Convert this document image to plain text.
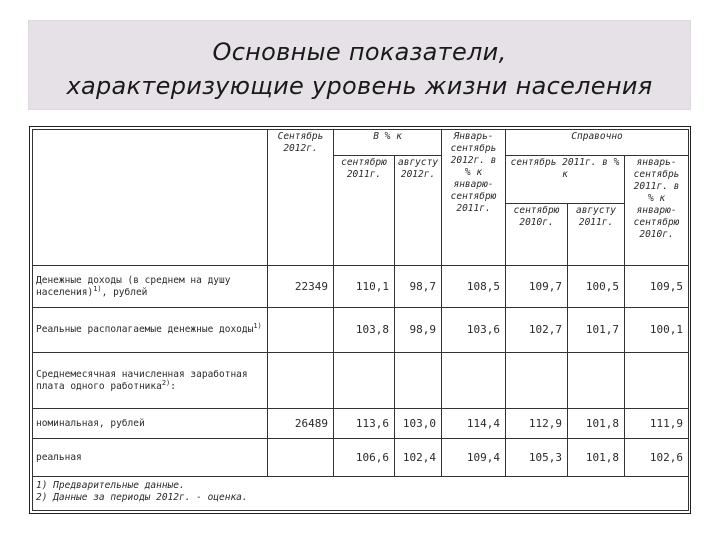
Основные показатели,
характеризующие уровень жизни населения
	Сентябрь 2012г.	В % к		Январь-сентябрь 2012г. в % к январю-сентябрю 2011г.	Справочно		
		сентябрю 2011г.	августу 2012г.		сентябрь 2011г. в % к		январь-сентябрь 2011г. в % к январю-сентябрю 2010г.
					сентябрю 2010г.	августу 2011г.	
Денежные доходы (в среднем на душу населения)$^{1)}$, рублей	22349	110,1	98,7	108,5	109,7	100,5	109,5
Реальные располагаемые денежные доходы$^{1)}$		103,8	98,9	103,6	102,7	101,7	100,1
Среднемесячная начисленная заработная плата одного работника$^{2)}$:							
номинальная, рублей	26489	113,6	103,0	114,4	112,9	101,8	111,9
реальная		106,6	102,4	109,4	105,3	101,8	102,6

1) Предварительные данные.
2) Данные за периоды 2012г. - оценка.							
